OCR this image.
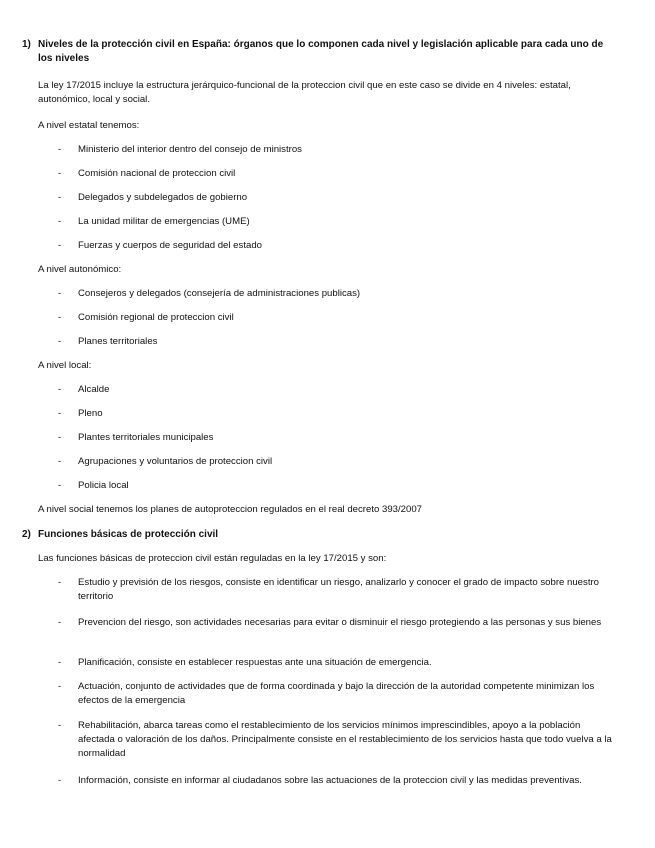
1) Niveles de la protección civil en España: órganos que lo componen cada nivel y legislación aplicable para cada uno de los niveles
La ley 17/2015 incluye la estructura jerárquico-funcional de la proteccion civil que en este caso se divide en 4 niveles: estatal, autonómico, local y social.
A nivel estatal tenemos:
- Ministerio del interior dentro del consejo de ministros
- Comisión nacional de proteccion civil
- Delegados y subdelegados de gobierno
- La unidad militar de emergencias (UME)
- Fuerzas y cuerpos de seguridad del estado
A nivel autonómico:
- Consejeros y delegados (consejería de administraciones publicas)
- Comisión regional de proteccion civil
- Planes territoriales
A nivel local:
- Alcalde
- Pleno
- Plantes territoriales municipales
- Agrupaciones y voluntarios de proteccion civil
- Policia local
A nivel social tenemos los planes de autoproteccion regulados en el real decreto 393/2007
2) Funciones básicas de protección civil
Las funciones básicas de proteccion civil están reguladas en la ley 17/2015 y son:
- Estudio y previsión de los riesgos, consiste en identificar un riesgo, analizarlo y conocer el grado de impacto sobre nuestro territorio
- Prevencion del riesgo, son actividades necesarias para evitar o disminuir el riesgo protegiendo a las personas y sus bienes
- Planificación, consiste en establecer respuestas ante una situación de emergencia.
- Actuación, conjunto de actividades que de forma coordinada y bajo la dirección de la autoridad competente minimizan los efectos de la emergencia
- Rehabilitación, abarca tareas como el restablecimiento de los servicios mínimos imprescindibles, apoyo a la población afectada o valoración de los daños. Principalmente consiste en el restablecimiento de los servicios hasta que todo vuelva a la normalidad
- Información, consiste en informar al ciudadanos sobre las actuaciones de la proteccion civil y las medidas preventivas.
